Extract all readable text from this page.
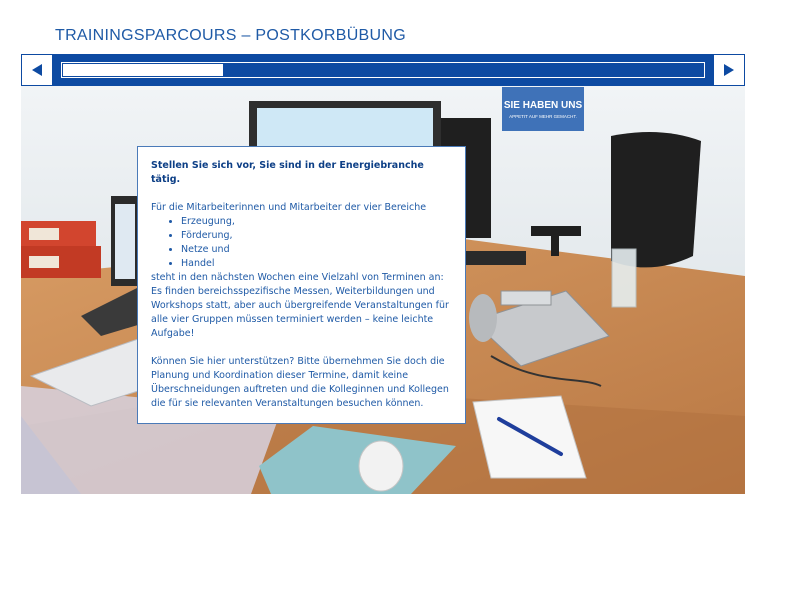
TRAININGSPARCOURS – POSTKORBÜBUNG
SIE HABEN UNS
APPETIT AUF MEHR GEMACHT.
Stellen Sie sich vor, Sie sind in der Energiebranche tätig.

Für die Mitarbeiterinnen und Mitarbeiter der vier Bereiche

• Erzeugung,
• Förderung,
• Netze und
• Handel

steht in den nächsten Wochen eine Vielzahl von Terminen an: Es finden bereichsspezifische Messen, Weiterbildungen und Workshops statt, aber auch übergreifende Veranstaltungen für alle vier Gruppen müssen terminiert werden – keine leichte Aufgabe!

Können Sie hier unterstützen? Bitte übernehmen Sie doch die Planung und Koordination dieser Termine, damit keine Überschneidungen auftreten und die Kolleginnen und Kollegen die für sie relevanten Veranstaltungen besuchen können.
